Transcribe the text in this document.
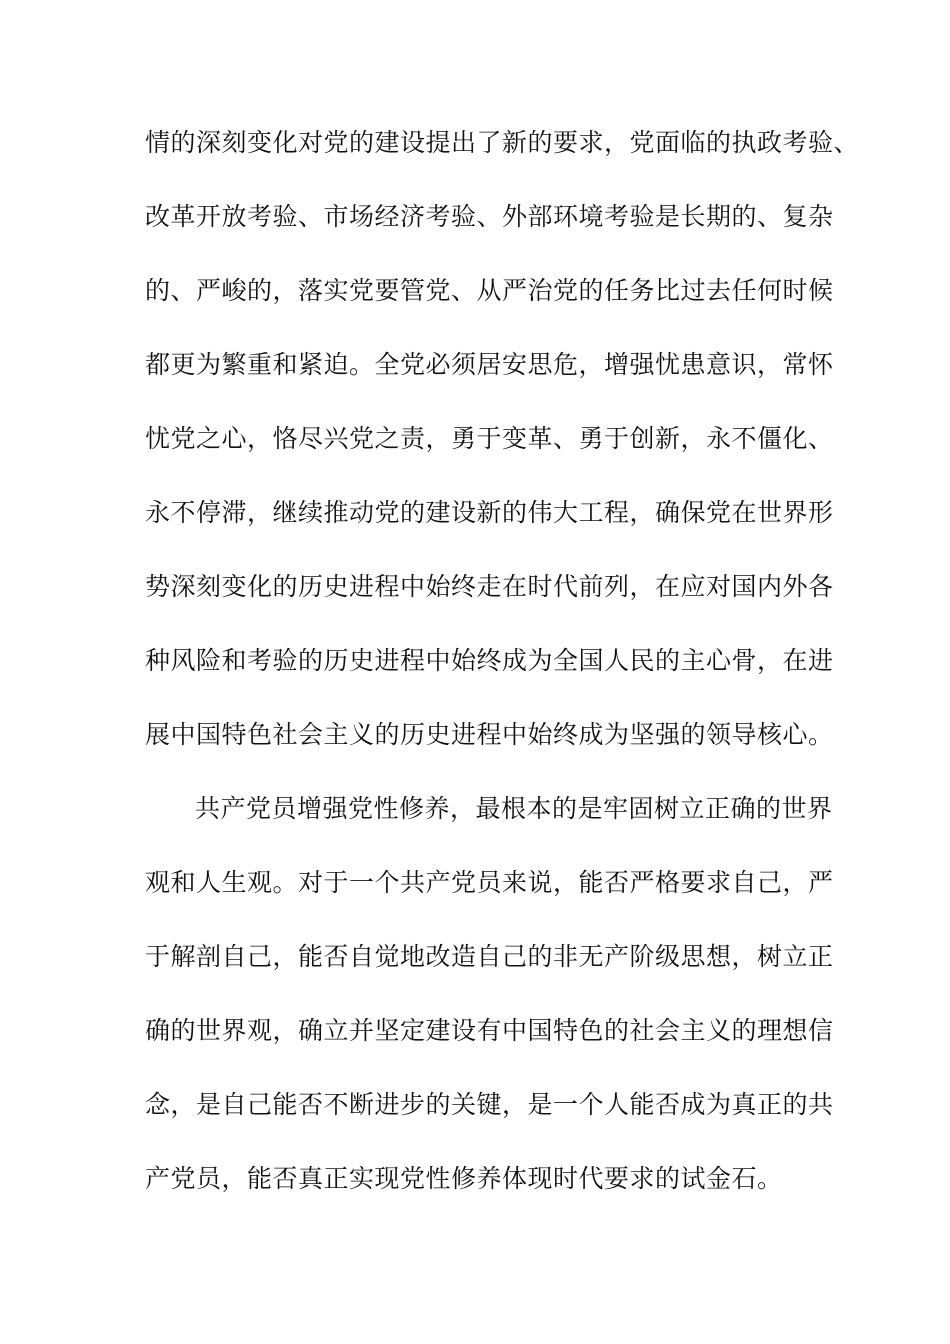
情的深刻变化对党的建设提出了新的要求，党面临的执政考验、
改革开放考验、市场经济考验、外部环境考验是长期的、复杂
的、严峻的，落实党要管党、从严治党的任务比过去任何时候
都更为繁重和紧迫。全党必须居安思危，增强忧患意识，常怀
忧党之心，恪尽兴党之责，勇于变革、勇于创新，永不僵化、
永不停滞，继续推动党的建设新的伟大工程，确保党在世界形
势深刻变化的历史进程中始终走在时代前列，在应对国内外各
种风险和考验的历史进程中始终成为全国人民的主心骨，在进
展中国特色社会主义的历史进程中始终成为坚强的领导核心。
共产党员增强党性修养，最根本的是牢固树立正确的世界
观和人生观。对于一个共产党员来说，能否严格要求自己，严
于解剖自己，能否自觉地改造自己的非无产阶级思想，树立正
确的世界观，确立并坚定建设有中国特色的社会主义的理想信
念，是自己能否不断进步的关键，是一个人能否成为真正的共
产党员，能否真正实现党性修养体现时代要求的试金石。
